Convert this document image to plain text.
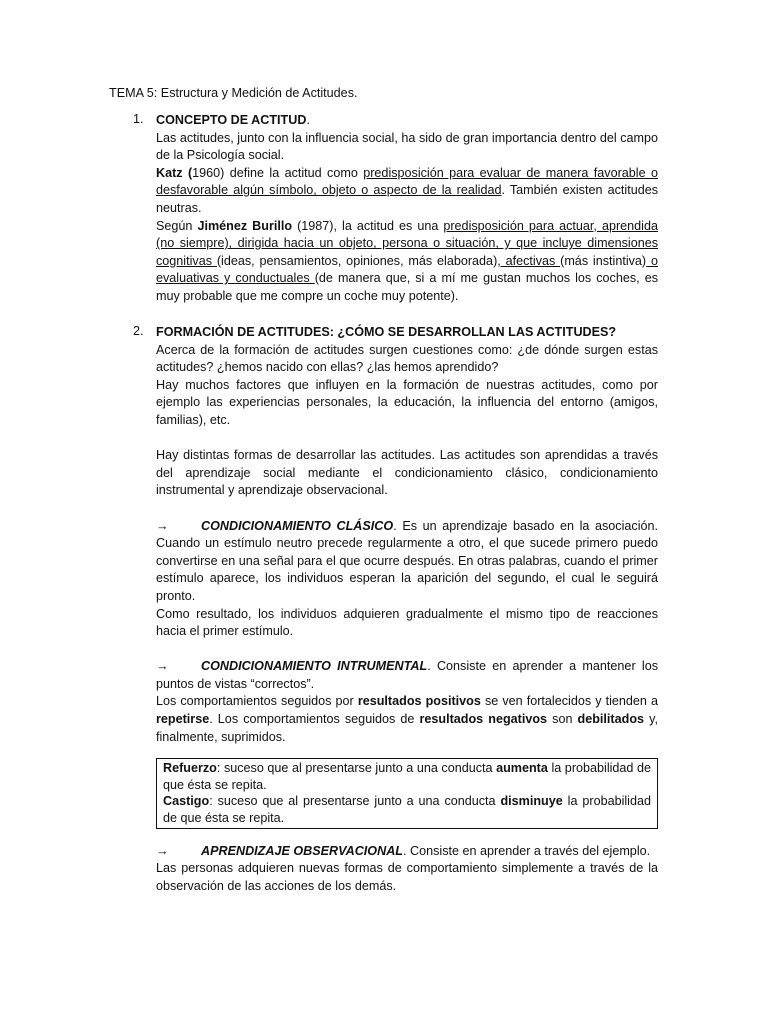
TEMA 5: Estructura y Medición de Actitudes.
1. CONCEPTO DE ACTITUD.

Las actitudes, junto con la influencia social, ha sido de gran importancia dentro del campo de la Psicología social.

Katz (1960) define la actitud como predisposición para evaluar de manera favorable o desfavorable algún símbolo, objeto o aspecto de la realidad. También existen actitudes neutras.

Según Jiménez Burillo (1987), la actitud es una predisposición para actuar, aprendida (no siempre), dirigida hacia un objeto, persona o situación, y que incluye dimensiones cognitivas (ideas, pensamientos, opiniones, más elaborada), afectivas (más instintiva) o evaluativas y conductuales (de manera que, si a mí me gustan muchos los coches, es muy probable que me compre un coche muy potente).

2. FORMACIÓN DE ACTITUDES: ¿CÓMO SE DESARROLLAN LAS ACTITUDES?

Acerca de la formación de actitudes surgen cuestiones como: ¿de dónde surgen estas actitudes? ¿hemos nacido con ellas? ¿las hemos aprendido?

Hay muchos factores que influyen en la formación de nuestras actitudes, como por ejemplo las experiencias personales, la educación, la influencia del entorno (amigos, familias), etc.

Hay distintas formas de desarrollar las actitudes. Las actitudes son aprendidas a través del aprendizaje social mediante el condicionamiento clásico, condicionamiento instrumental y aprendizaje observacional.

→	CONDICIONAMIENTO CLÁSICO. Es un aprendizaje basado en la asociación. Cuando un estímulo neutro precede regularmente a otro, el que sucede primero puedo convertirse en una señal para el que ocurre después. En otras palabras, cuando el primer estímulo aparece, los individuos esperan la aparición del segundo, el cual le seguirá pronto.

Como resultado, los individuos adquieren gradualmente el mismo tipo de reacciones hacia el primer estímulo.

→	CONDICIONAMIENTO INTRUMENTAL. Consiste en aprender a mantener los puntos de vistas “correctos”.

Los comportamientos seguidos por resultados positivos se ven fortalecidos y tienden a repetirse. Los comportamientos seguidos de resultados negativos son debilitados y, finalmente, suprimidos.

Refuerzo: suceso que al presentarse junto a una conducta aumenta la probabilidad de que ésta se repita.

Castigo: suceso que al presentarse junto a una conducta disminuye la probabilidad de que ésta se repita.

→	APRENDIZAJE OBSERVACIONAL. Consiste en aprender a través del ejemplo.

Las personas adquieren nuevas formas de comportamiento simplemente a través de la observación de las acciones de los demás.
